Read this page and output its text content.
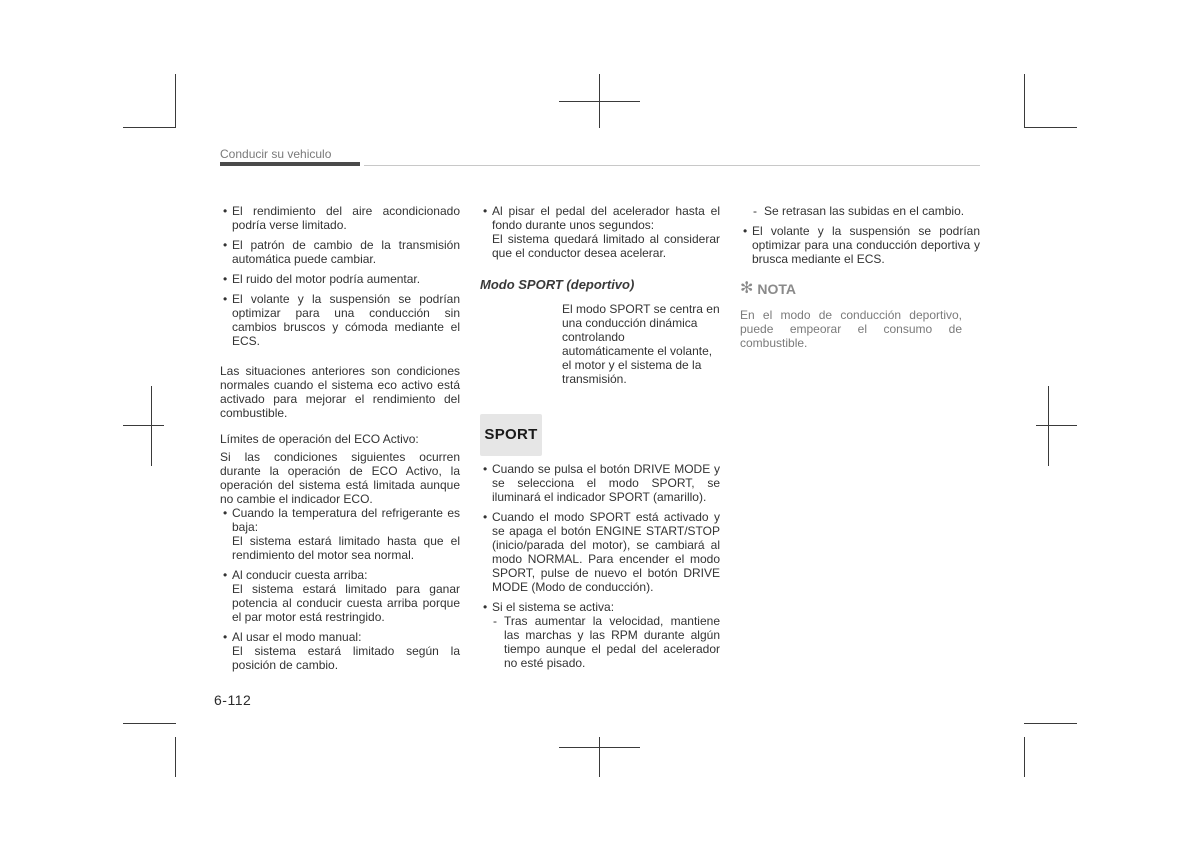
Conducir su vehiculo

• El rendimiento del aire acondicionado podría verse limitado.

• El patrón de cambio de la transmisión automática puede cambiar.

• El ruido del motor podría aumentar.

• El volante y la suspensión se podrían optimizar para una conducción sin cambios bruscos y cómoda mediante el ECS.

Las situaciones anteriores son condiciones normales cuando el sistema eco activo está activado para mejorar el rendimiento del combustible.

Límites de operación del ECO Activo:

Si las condiciones siguientes ocurren durante la operación de ECO Activo, la operación del sistema está limitada aunque no cambie el indicador ECO.

• Cuando la temperatura del refrigerante es baja:
El sistema estará limitado hasta que el rendimiento del motor sea normal.
• Al conducir cuesta arriba:
El sistema estará limitado para ganar potencia al conducir cuesta arriba porque el par motor está restringido.
• Al usar el modo manual:
El sistema estará limitado según la posición de cambio.
• Al pisar el pedal del acelerador hasta el fondo durante unos segundos:
El sistema quedará limitado al considerar que el conductor desea acelerar.
Modo SPORT (deportivo)
SPORT
El modo SPORT se centra en una conducción dinámica controlando automáticamente el volante, el motor y el sistema de la transmisión.

• Cuando se pulsa el botón DRIVE MODE y se selecciona el modo SPORT, se iluminará el indicador SPORT (amarillo).

• Cuando el modo SPORT está activado y se apaga el botón ENGINE START/STOP (inicio/parada del motor), se cambiará al modo NORMAL. Para encender el modo SPORT, pulse de nuevo el botón DRIVE MODE (Modo de conducción).

• Si el sistema se activa:

- Tras aumentar la velocidad, mantiene las marchas y las RPM durante algún tiempo aunque el pedal del acelerador no esté pisado.

- Se retrasan las subidas en el cambio.

• El volante y la suspensión se podrían optimizar para una conducción deportiva y brusca mediante el ECS.

✻ NOTA

En el modo de conducción deportivo, puede empeorar el consumo de combustible.

6-112
